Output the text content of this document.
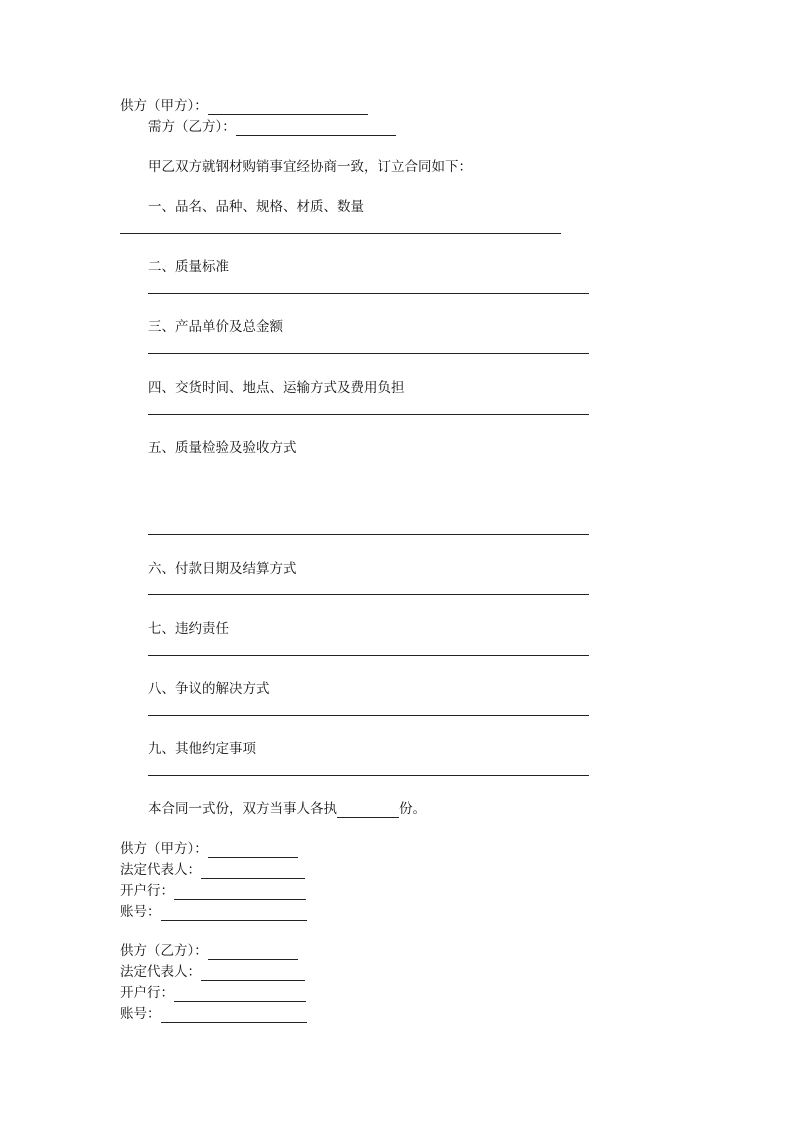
供方（甲方）：
需方（乙方）：
甲乙双方就钢材购销事宜经协商一致，订立合同如下：
一、品名、品种、规格、材质、数量
二、质量标准
三、产品单价及总金额
四、交货时间、地点、运输方式及费用负担
五、质量检验及验收方式
六、付款日期及结算方式
七、违约责任
八、争议的解决方式
九、其他约定事项
本合同一式份，双方当事人各执	份。
供方（甲方）：
法定代表人：
开户行：
账号：
供方（乙方）：
法定代表人：
开户行：
账号：
